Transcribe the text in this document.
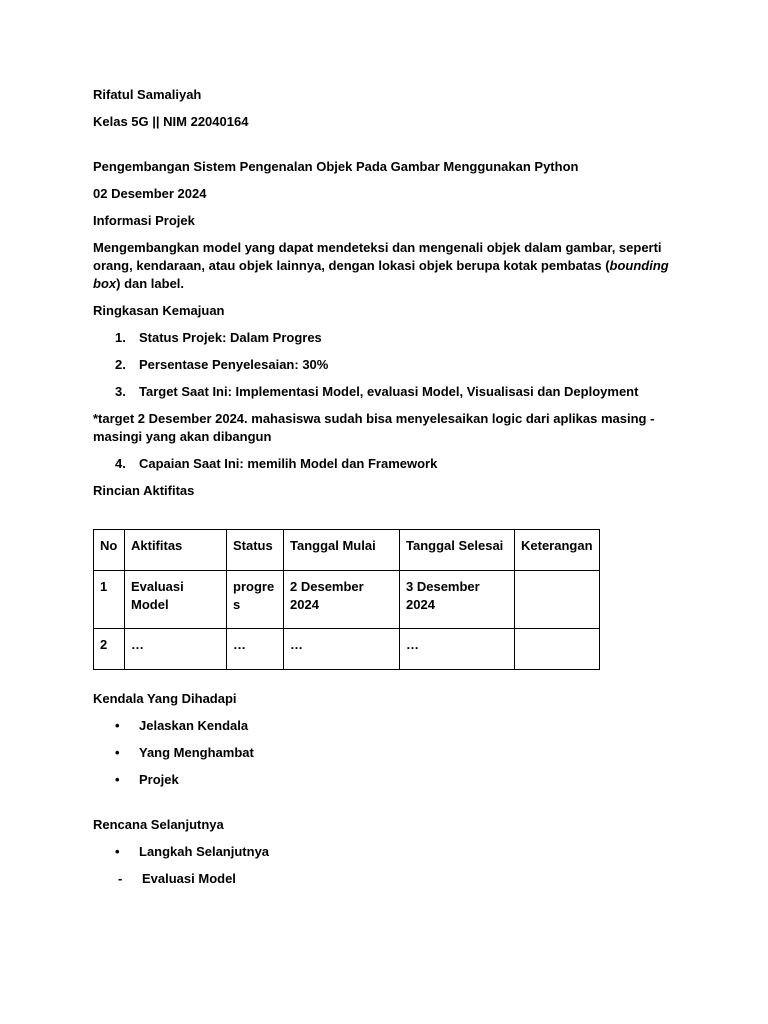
Rifatul Samaliyah

Kelas 5G || NIM 22040164

Pengembangan Sistem Pengenalan Objek Pada Gambar Menggunakan Python

02 Desember 2024

Informasi Projek

Mengembangkan model yang dapat mendeteksi dan mengenali objek dalam gambar, seperti orang, kendaraan, atau objek lainnya, dengan lokasi objek berupa kotak pembatas (bounding box) dan label.

Ringkasan Kemajuan

1. Status Projek: Dalam Progres
2. Persentase Penyelesaian: 30%
3. Target Saat Ini: Implementasi Model, evaluasi Model, Visualisasi dan Deployment

*target 2 Desember 2024. mahasiswa sudah bisa menyelesaikan logic dari aplikas masing - masingi yang akan dibangun

4. Capaian Saat Ini: memilih Model dan Framework

Rincian Aktifitas

No	Aktifitas	Status	Tanggal Mulai	Tanggal Selesai	Keterangan
1	Evaluasi Model	progres	2 Desember 2024	3 Desember 2024	
2	…	…	…	…	

Kendala Yang Dihadapi

• Jelaskan Kendala
• Yang Menghambat
• Projek

Rencana Selanjutnya

• Langkah Selanjutnya
- Evaluasi Model
